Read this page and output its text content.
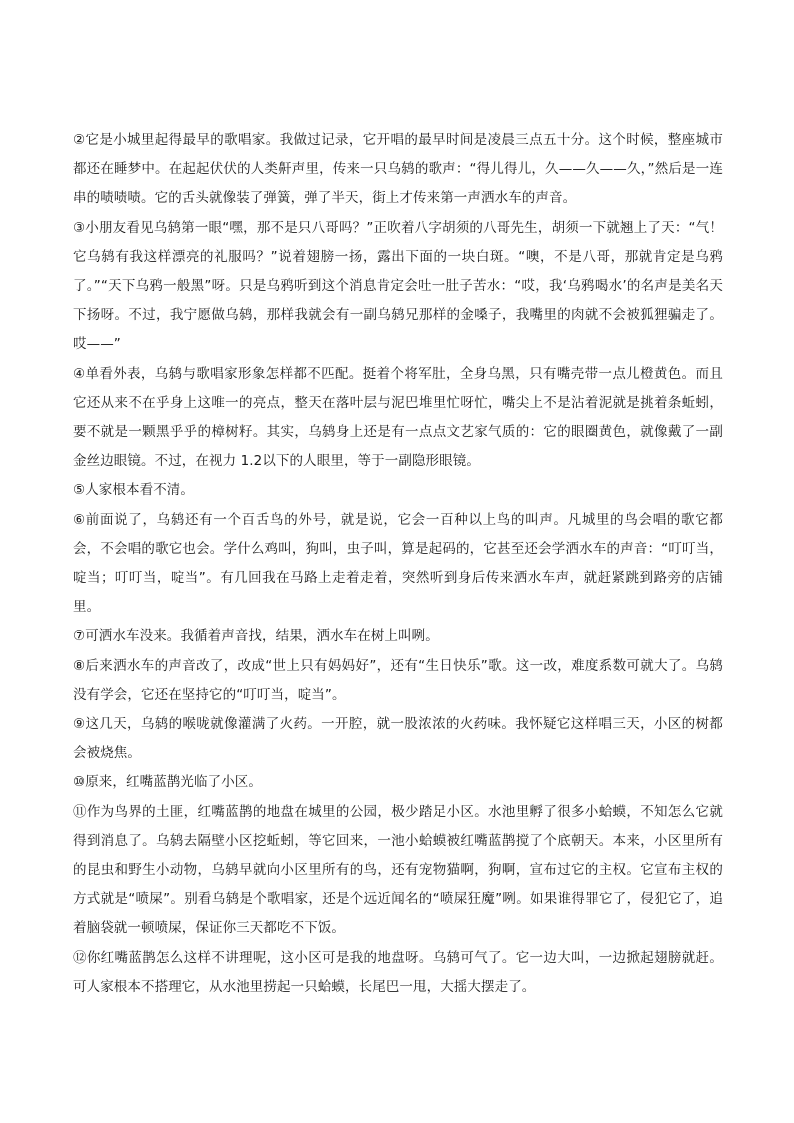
②它是小城里起得最早的歌唱家。我做过记录，它开唱的最早时间是凌晨三点五十分。这个时候，整座城市都还在睡梦中。在起起伏伏的人类鼾声里，传来一只乌鸫的歌声：“得儿得儿，久——久——久，”然后是一连串的啧啧啧。它的舌头就像装了弹簧，弹了半天，街上才传来第一声洒水车的声音。

③小朋友看见乌鸫第一眼“嘿，那不是只八哥吗？”正吹着八字胡须的八哥先生，胡须一下就翘上了天：“气！它乌鸫有我这样漂亮的礼服吗？”说着翅膀一扬，露出下面的一块白斑。“噢，不是八哥，那就肯定是乌鸦了。”“天下乌鸦一般黑”呀。只是乌鸦听到这个消息肯定会吐一肚子苦水：“哎，我‘乌鸦喝水’的名声是美名天下扬呀。不过，我宁愿做乌鸫，那样我就会有一副乌鸫兄那样的金嗓子，我嘴里的肉就不会被狐狸骗走了。哎——”

④单看外表，乌鸫与歌唱家形象怎样都不匹配。挺着个将军肚，全身乌黑，只有嘴壳带一点儿橙黄色。而且它还从来不在乎身上这唯一的亮点，整天在落叶层与泥巴堆里忙呀忙，嘴尖上不是沾着泥就是挑着条蚯蚓，要不就是一颗黑乎乎的樟树籽。其实，乌鸫身上还是有一点点文艺家气质的：它的眼圈黄色，就像戴了一副金丝边眼镜。不过，在视力 1.2以下的人眼里，等于一副隐形眼镜。

⑤人家根本看不清。

⑥前面说了，乌鸫还有一个百舌鸟的外号，就是说，它会一百种以上鸟的叫声。凡城里的鸟会唱的歌它都会，不会唱的歌它也会。学什么鸡叫，狗叫，虫子叫，算是起码的，它甚至还会学洒水车的声音：“叮叮当，啶当；叮叮当，啶当”。有几回我在马路上走着走着，突然听到身后传来洒水车声，就赶紧跳到路旁的店铺里。

⑦可洒水车没来。我循着声音找，结果，洒水车在树上叫咧。

⑧后来洒水车的声音改了，改成“世上只有妈妈好”，还有“生日快乐”歌。这一改，难度系数可就大了。乌鸫没有学会，它还在坚持它的“叮叮当，啶当”。

⑨这几天，乌鸫的喉咙就像灌满了火药。一开腔，就一股浓浓的火药味。我怀疑它这样唱三天，小区的树都会被烧焦。

⑩原来，红嘴蓝鹊光临了小区。

⑪作为鸟界的土匪，红嘴蓝鹊的地盘在城里的公园，极少踏足小区。水池里孵了很多小蛤蟆，不知怎么它就得到消息了。乌鸫去隔壁小区挖蚯蚓，等它回来，一池小蛤蟆被红嘴蓝鹊搅了个底朝天。本来，小区里所有的昆虫和野生小动物，乌鸫早就向小区里所有的鸟，还有宠物猫啊，狗啊，宣布过它的主权。它宣布主权的方式就是“喷屎”。别看乌鸫是个歌唱家，还是个远近闻名的“喷屎狂魔”咧。如果谁得罪它了，侵犯它了，追着脑袋就一顿喷屎，保证你三天都吃不下饭。

⑫你红嘴蓝鹊怎么这样不讲理呢，这小区可是我的地盘呀。乌鸫可气了。它一边大叫，一边掀起翅膀就赶。可人家根本不搭理它，从水池里捞起一只蛤蟆，长尾巴一甩，大摇大摆走了。
